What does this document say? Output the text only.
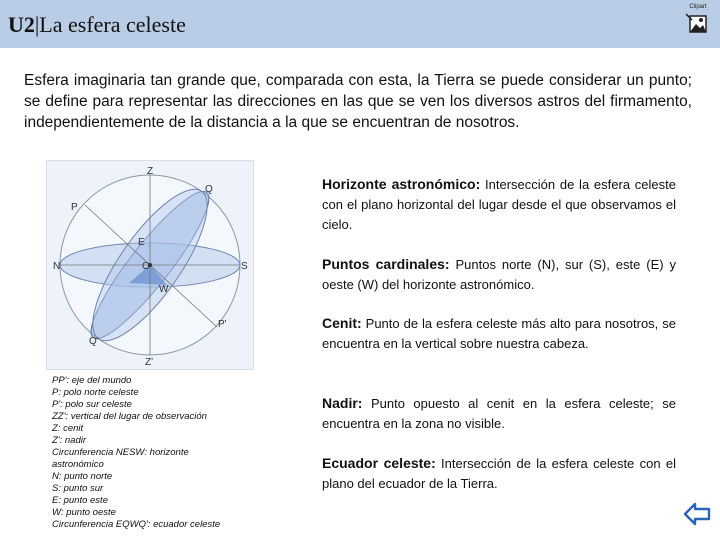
U2|La esfera celeste
Clipart
Esfera imaginaria tan grande que, comparada con esta, la Tierra se puede considerar un punto; se define para representar las direcciones en las que se ven los diversos astros del firmamento, independientemente de la distancia a la que se encuentran de nosotros.
Z
Q
P
E
N	O	S
W
P'
Q'
Z'
PP': eje del mundo
P: polo norte celeste
P': polo sur celeste
ZZ': vertical del lugar de observación
Z: cenit
Z': nadir
Circunferencia NESW: horizonte
astronómico
N: punto norte
S: punto sur
E: punto este
W: punto oeste
Circunferencia EQWQ': ecuador celeste
Horizonte astronómico: Intersección de la esfera celeste con el plano horizontal del lugar desde el que observamos el cielo.
Puntos cardinales: Puntos norte (N), sur (S), este (E) y oeste (W) del horizonte astronómico.
Cenit: Punto de la esfera celeste más alto para nosotros, se encuentra en la vertical sobre nuestra cabeza.
Nadir: Punto opuesto al cenit en la esfera celeste; se encuentra en la zona no visible.
Ecuador celeste: Intersección de la esfera celeste con el plano del ecuador de la Tierra.
